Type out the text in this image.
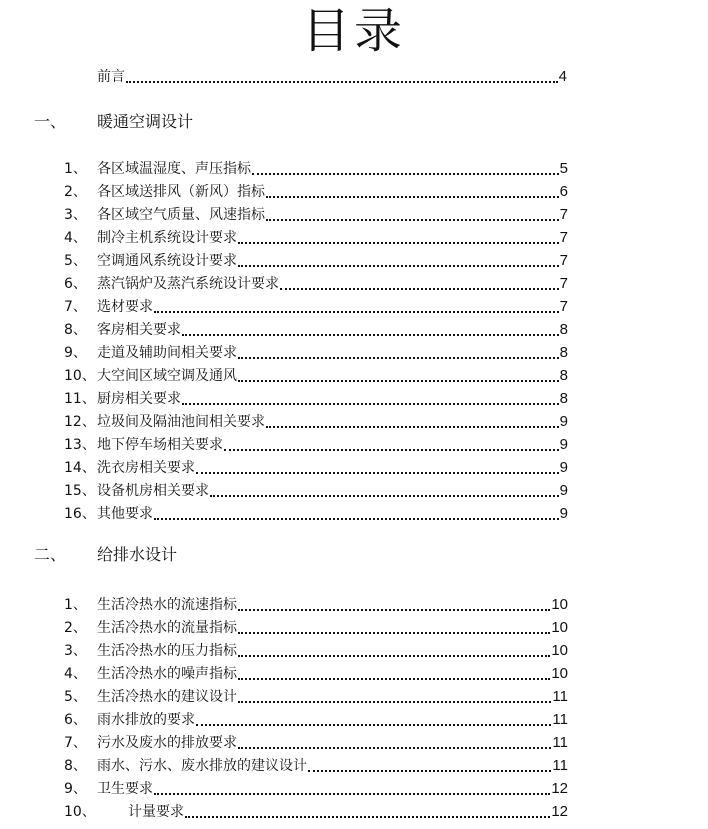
目录
前言	4
一、 暖通空调设计
1、 各区域温湿度、声压指标	5
2、 各区域送排风（新风）指标	6
3、 各区域空气质量、风速指标	7
4、 制冷主机系统设计要求	7
5、 空调通风系统设计要求	7
6、 蒸汽锅炉及蒸汽系统设计要求	7
7、 选材要求	7
8、 客房相关要求	8
9、 走道及辅助间相关要求	8
10、 大空间区域空调及通风	8
11、 厨房相关要求	8
12、 垃圾间及隔油池间相关要求	9
13、 地下停车场相关要求	9
14、 洗衣房相关要求	9
15、 设备机房相关要求	9
16、 其他要求	9
二、 给排水设计
1、 生活冷热水的流速指标	10
2、 生活冷热水的流量指标	10
3、 生活冷热水的压力指标	10
4、 生活冷热水的噪声指标	10
5、 生活冷热水的建议设计	11
6、 雨水排放的要求	11
7、 污水及废水的排放要求	11
8、 雨水、污水、废水排放的建议设计	11
9、 卫生要求	12
10、 计量要求	12
